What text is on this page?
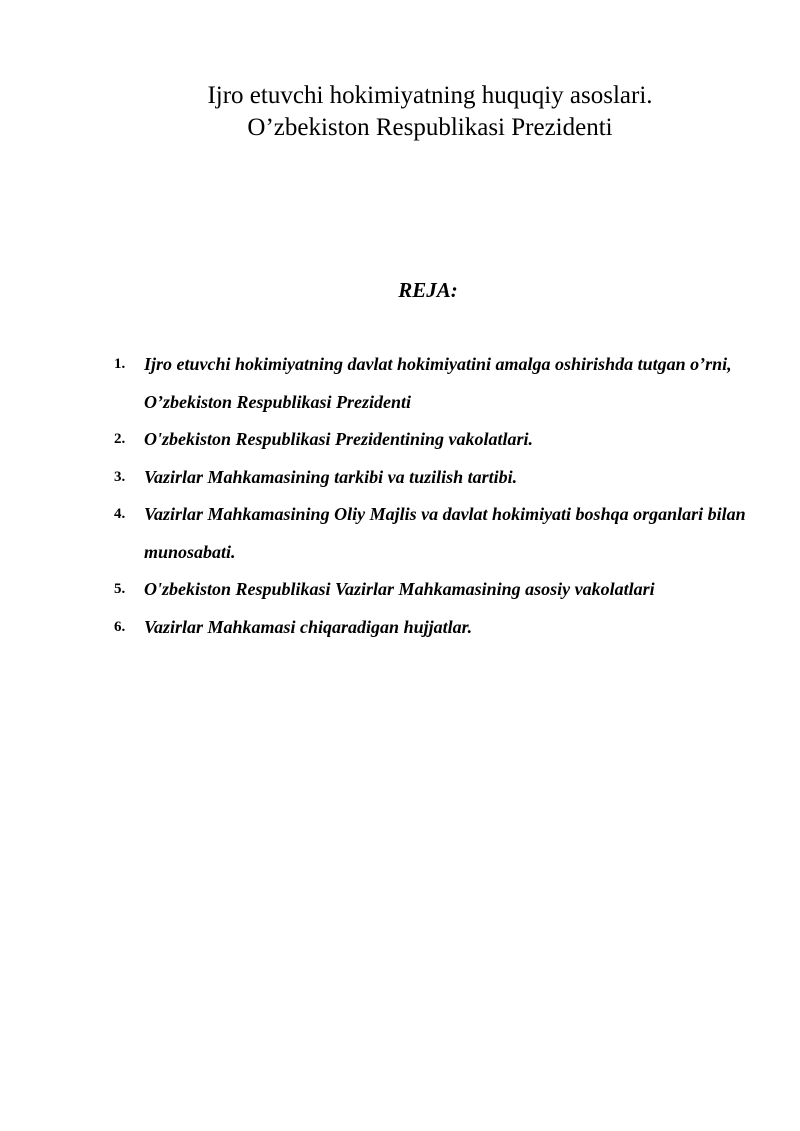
Ijro etuvchi hokimiyatning huquqiy asoslari.
O’zbekiston Respublikasi Prezidenti
REJA:
1. Ijro etuvchi hokimiyatning davlat hokimiyatini amalga oshirishda tutgan o’rni, O’zbekiston Respublikasi Prezidenti
2. O'zbekiston Respublikasi Prezidentining vakolatlari.
3. Vazirlar Mahkamasining tarkibi va tuzilish tartibi.
4. Vazirlar Mahkamasining Oliy Majlis va davlat hokimiyati boshqa organlari bilan munosabati.
5. O'zbekiston Respublikasi Vazirlar Mahkamasining asosiy vakolatlari
6. Vazirlar Mahkamasi chiqaradigan hujjatlar.
